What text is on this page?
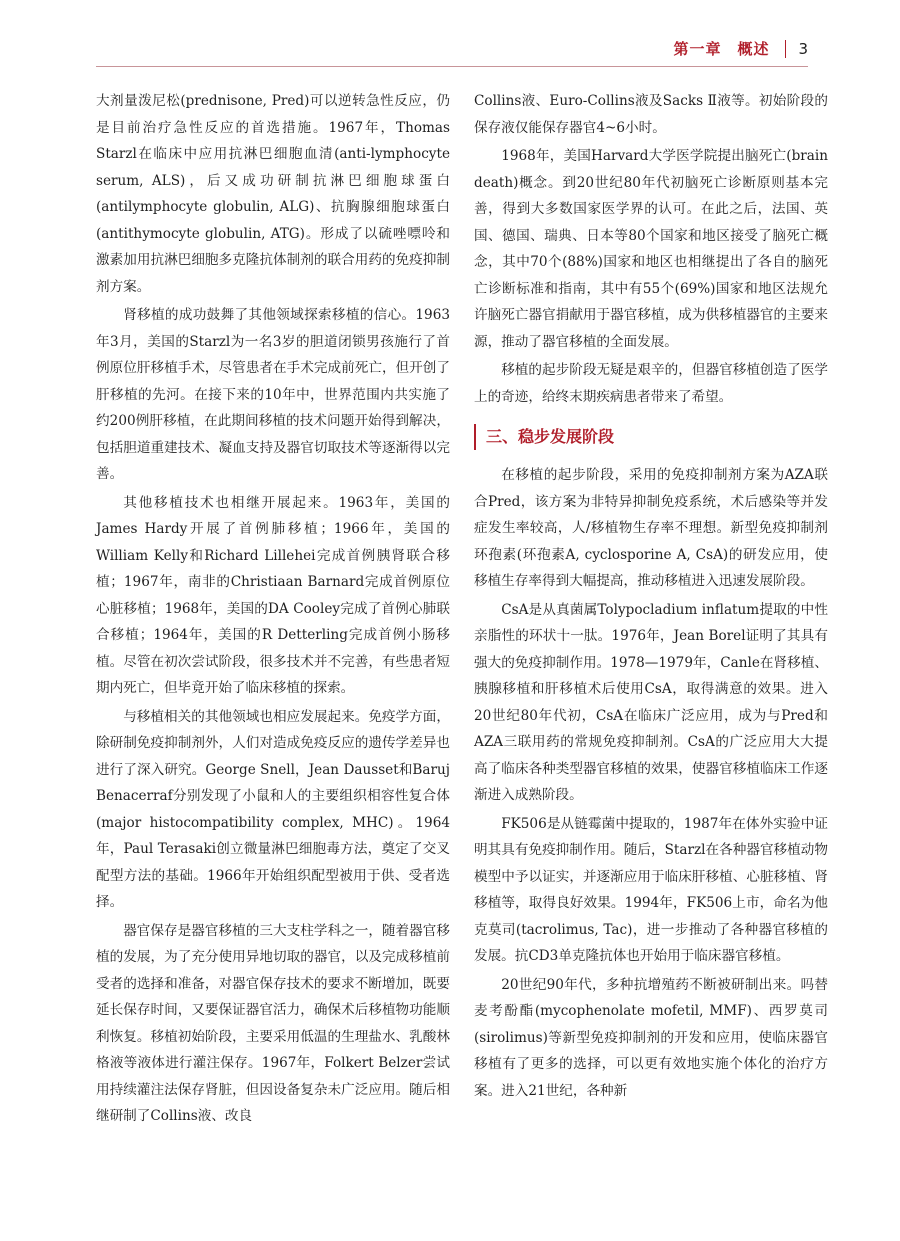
第一章　概述 3

大剂量泼尼松(prednisone, Pred)可以逆转急性反应，仍是目前治疗急性反应的首选措施。1967年，Thomas Starzl在临床中应用抗淋巴细胞血清(anti-lymphocyte serum, ALS)，后又成功研制抗淋巴细胞球蛋白(antilymphocyte globulin, ALG)、抗胸腺细胞球蛋白(antithymocyte globulin, ATG)。形成了以硫唑嘌呤和激素加用抗淋巴细胞多克隆抗体制剂的联合用药的免疫抑制剂方案。

肾移植的成功鼓舞了其他领域探索移植的信心。1963年3月，美国的Starzl为一名3岁的胆道闭锁男孩施行了首例原位肝移植手术，尽管患者在手术完成前死亡，但开创了肝移植的先河。在接下来的10年中，世界范围内共实施了约200例肝移植，在此期间移植的技术问题开始得到解决，包括胆道重建技术、凝血支持及器官切取技术等逐渐得以完善。

其他移植技术也相继开展起来。1963年，美国的James Hardy开展了首例肺移植；1966年，美国的William Kelly和Richard Lillehei完成首例胰肾联合移植；1967年，南非的Christiaan Barnard完成首例原位心脏移植；1968年，美国的DA Cooley完成了首例心肺联合移植；1964年，美国的R Detterling完成首例小肠移植。尽管在初次尝试阶段，很多技术并不完善，有些患者短期内死亡，但毕竟开始了临床移植的探索。

与移植相关的其他领域也相应发展起来。免疫学方面，除研制免疫抑制剂外，人们对造成免疫反应的遗传学差异也进行了深入研究。George Snell，Jean Dausset和Baruj Benacerraf分别发现了小鼠和人的主要组织相容性复合体(major histocompatibility complex, MHC)。1964年，Paul Terasaki创立微量淋巴细胞毒方法，奠定了交叉配型方法的基础。1966年开始组织配型被用于供、受者选择。

器官保存是器官移植的三大支柱学科之一，随着器官移植的发展，为了充分使用异地切取的器官，以及完成移植前受者的选择和准备，对器官保存技术的要求不断增加，既要延长保存时间，又要保证器官活力，确保术后移植物功能顺利恢复。移植初始阶段，主要采用低温的生理盐水、乳酸林格液等液体进行灌注保存。1967年，Folkert Belzer尝试用持续灌注法保存肾脏，但因设备复杂未广泛应用。随后相继研制了Collins液、改良

Collins液、Euro-Collins液及Sacks Ⅱ液等。初始阶段的保存液仅能保存器官4~6小时。

1968年，美国Harvard大学医学院提出脑死亡(brain death)概念。到20世纪80年代初脑死亡诊断原则基本完善，得到大多数国家医学界的认可。在此之后，法国、英国、德国、瑞典、日本等80个国家和地区接受了脑死亡概念，其中70个(88%)国家和地区也相继提出了各自的脑死亡诊断标准和指南，其中有55个(69%)国家和地区法规允许脑死亡器官捐献用于器官移植，成为供移植器官的主要来源，推动了器官移植的全面发展。

移植的起步阶段无疑是艰辛的，但器官移植创造了医学上的奇迹，给终末期疾病患者带来了希望。

三、稳步发展阶段

在移植的起步阶段，采用的免疫抑制剂方案为AZA联合Pred，该方案为非特异抑制免疫系统，术后感染等并发症发生率较高，人/移植物生存率不理想。新型免疫抑制剂环孢素(环孢素A, cyclosporine A, CsA)的研发应用，使移植生存率得到大幅提高，推动移植进入迅速发展阶段。

CsA是从真菌属Tolypocladium inflatum提取的中性亲脂性的环状十一肽。1976年，Jean Borel证明了其具有强大的免疫抑制作用。1978—1979年，Canle在肾移植、胰腺移植和肝移植术后使用CsA，取得满意的效果。进入20世纪80年代初，CsA在临床广泛应用，成为与Pred和AZA三联用药的常规免疫抑制剂。CsA的广泛应用大大提高了临床各种类型器官移植的效果，使器官移植临床工作逐渐进入成熟阶段。

FK506是从链霉菌中提取的，1987年在体外实验中证明其具有免疫抑制作用。随后，Starzl在各种器官移植动物模型中予以证实，并逐渐应用于临床肝移植、心脏移植、肾移植等，取得良好效果。1994年，FK506上市，命名为他克莫司(tacrolimus, Tac)，进一步推动了各种器官移植的发展。抗CD3单克隆抗体也开始用于临床器官移植。

20世纪90年代，多种抗增殖药不断被研制出来。吗替麦考酚酯(mycophenolate mofetil, MMF)、西罗莫司(sirolimus)等新型免疫抑制剂的开发和应用，使临床器官移植有了更多的选择，可以更有效地实施个体化的治疗方案。进入21世纪，各种新
